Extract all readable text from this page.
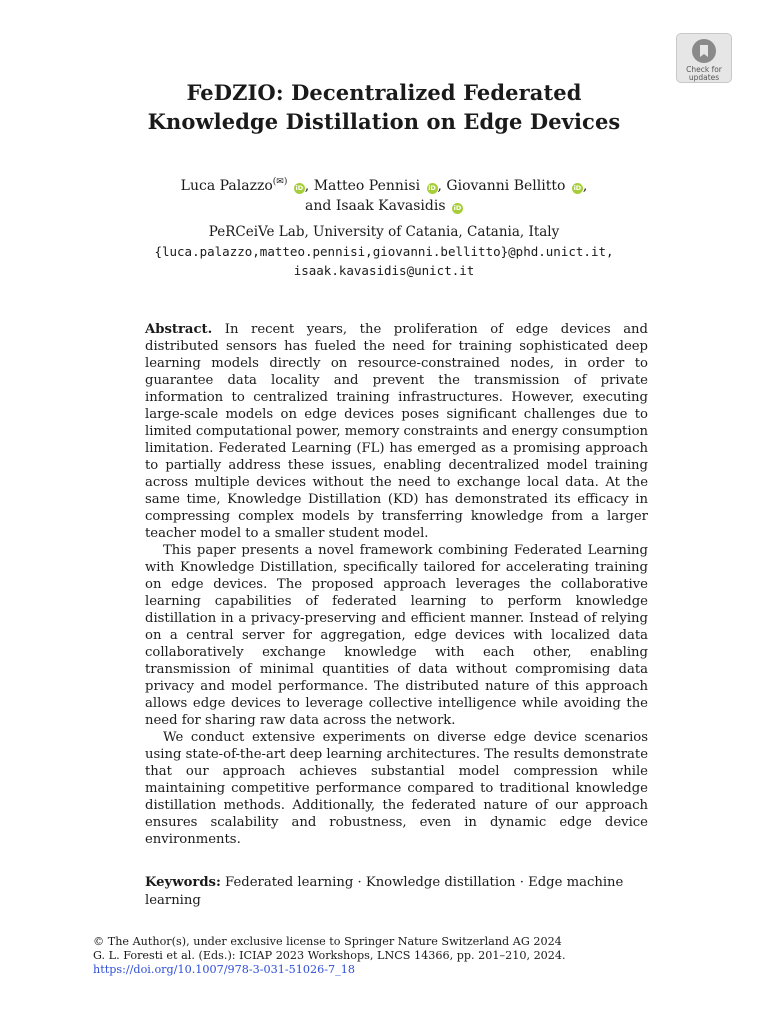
Check for
updates
FeDZIO: Decentralized Federated
Knowledge Distillation on Edge Devices
Luca Palazzo(✉) iD , Matteo Pennisi iD , Giovanni Bellitto iD ,
and Isaak Kavasidis iD
PeRCeiVe Lab, University of Catania, Catania, Italy
{luca.palazzo,matteo.pennisi,giovanni.bellitto}@phd.unict.it,
isaak.kavasidis@unict.it

Abstract. In recent years, the proliferation of edge devices and distributed sensors has fueled the need for training sophisticated deep learning models directly on resource-constrained nodes, in order to guarantee data locality and prevent the transmission of private information to centralized training infrastructures. However, executing large-scale models on edge devices poses significant challenges due to limited computational power, memory constraints and energy consumption limitation. Federated Learning (FL) has emerged as a promising approach to partially address these issues, enabling decentralized model training across multiple devices without the need to exchange local data. At the same time, Knowledge Distillation (KD) has demonstrated its efficacy in compressing complex models by transferring knowledge from a larger teacher model to a smaller student model.

This paper presents a novel framework combining Federated Learning with Knowledge Distillation, specifically tailored for accelerating training on edge devices. The proposed approach leverages the collaborative learning capabilities of federated learning to perform knowledge distillation in a privacy-preserving and efficient manner. Instead of relying on a central server for aggregation, edge devices with localized data collaboratively exchange knowledge with each other, enabling transmission of minimal quantities of data without compromising data privacy and model performance. The distributed nature of this approach allows edge devices to leverage collective intelligence while avoiding the need for sharing raw data across the network.

We conduct extensive experiments on diverse edge device scenarios using state-of-the-art deep learning architectures. The results demonstrate that our approach achieves substantial model compression while maintaining competitive performance compared to traditional knowledge distillation methods. Additionally, the federated nature of our approach ensures scalability and robustness, even in dynamic edge device environments.

Keywords: Federated learning · Knowledge distillation · Edge machine learning
© The Author(s), under exclusive license to Springer Nature Switzerland AG 2024
G. L. Foresti et al. (Eds.): ICIAP 2023 Workshops, LNCS 14366, pp. 201–210, 2024.
https://doi.org/10.1007/978-3-031-51026-7_18
